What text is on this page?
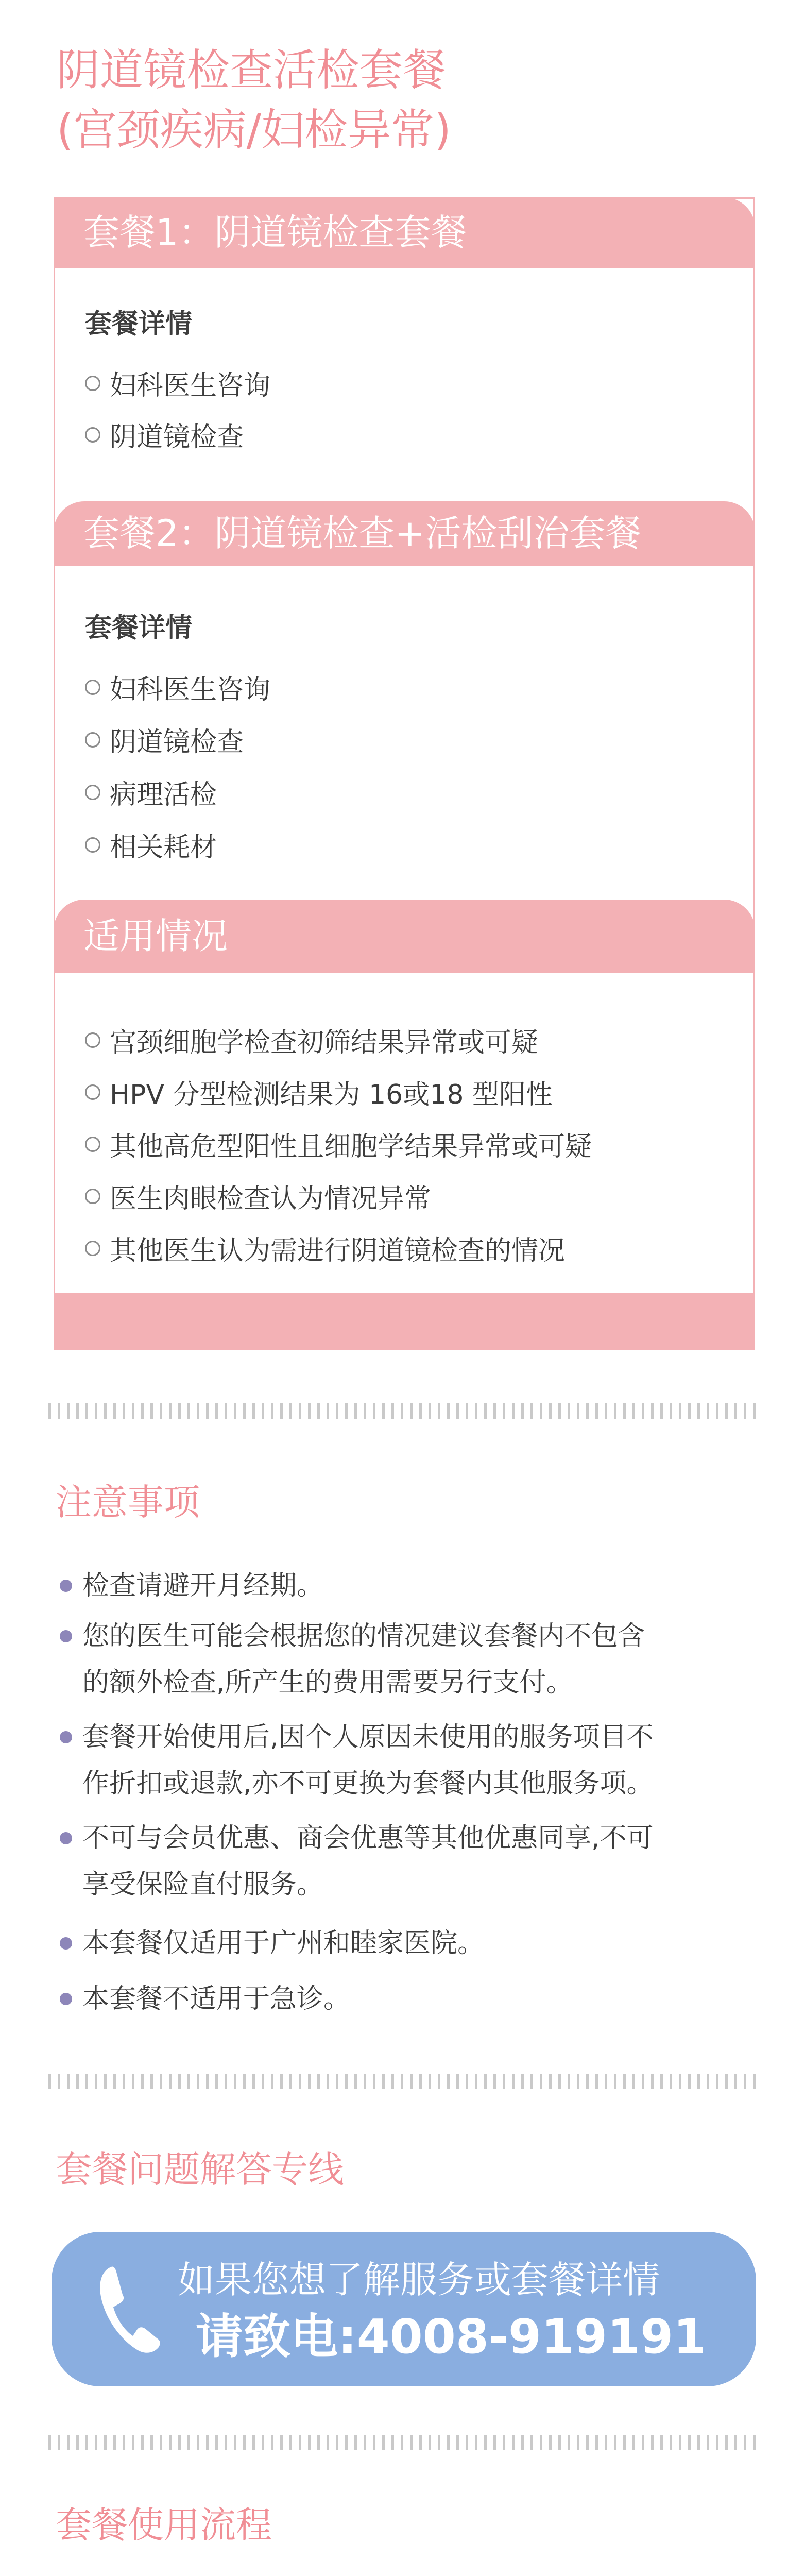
阴道镜检查活检套餐
(宫颈疾病/妇检异常)
套餐1：阴道镜检查套餐
套餐详情
妇科医生咨询
阴道镜检查
套餐2：阴道镜检查+活检刮治套餐
套餐详情
妇科医生咨询
阴道镜检查
病理活检
相关耗材
适用情况
宫颈细胞学检查初筛结果异常或可疑
HPV 分型检测结果为 16或18 型阳性
其他高危型阳性且细胞学结果异常或可疑
医生肉眼检查认为情况异常
其他医生认为需进行阴道镜检查的情况
注意事项
检查请避开月经期。
您的医生可能会根据您的情况建议套餐内不包含
的额外检查,所产生的费用需要另行支付。
套餐开始使用后,因个人原因未使用的服务项目不
作折扣或退款,亦不可更换为套餐内其他服务项。
不可与会员优惠、商会优惠等其他优惠同享,不可
享受保险直付服务。
本套餐仅适用于广州和睦家医院。
本套餐不适用于急诊。
套餐问题解答专线
如果您想了解服务或套餐详情
请致电:4008-919191
套餐使用流程
